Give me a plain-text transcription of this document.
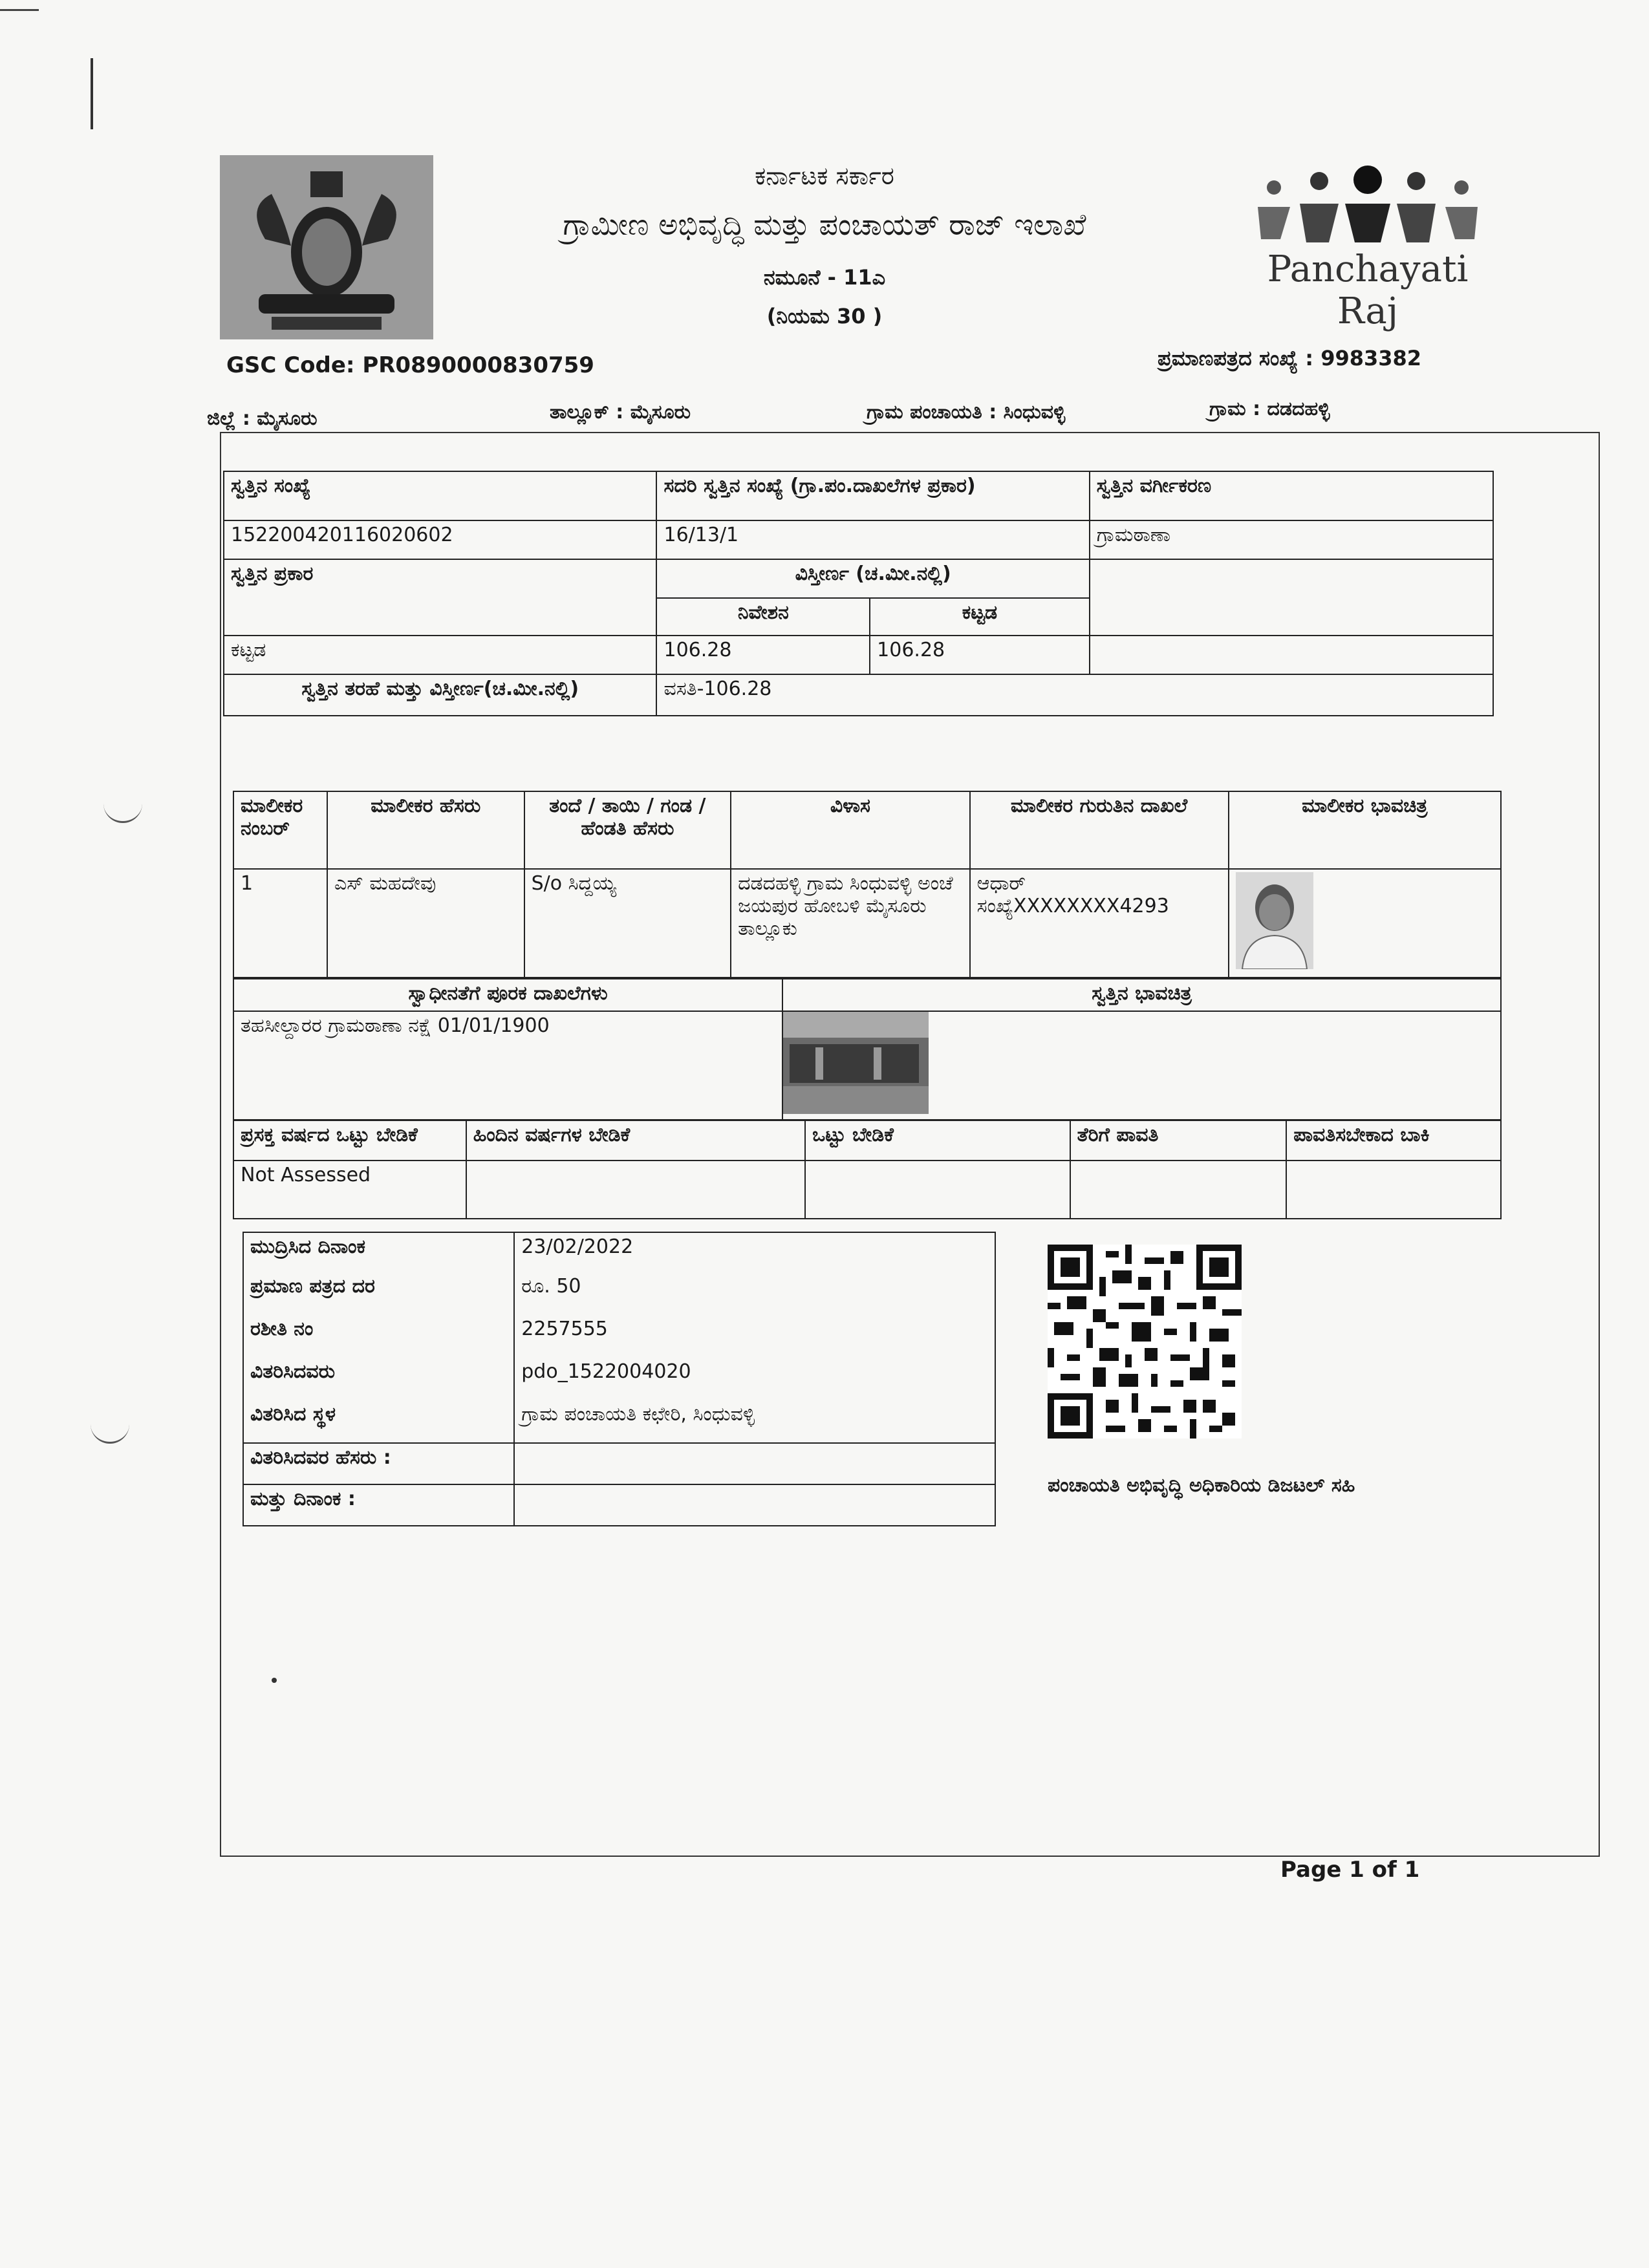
Panchayati Raj
ಕರ್ನಾಟಕ ಸರ್ಕಾರ
ಗ್ರಾಮೀಣ ಅಭಿವೃದ್ಧಿ ಮತ್ತು ಪಂಚಾಯತ್ ರಾಜ್ ಇಲಾಖೆ
ನಮೂನೆ - 11ಎ
(ನಿಯಮ 30 )
GSC Code: PR0890000830759	ಪ್ರಮಾಣಪತ್ರದ ಸಂಖ್ಯೆ : 9983382
ಜಿಲ್ಲೆ : ಮೈಸೂರು	ತಾಲ್ಲೂಕ್ : ಮೈಸೂರು	ಗ್ರಾಮ ಪಂಚಾಯತಿ : ಸಿಂಧುವಳ್ಳಿ	ಗ್ರಾಮ : ದಡದಹಳ್ಳಿ
ಸ್ವತ್ತಿನ ಸಂಖ್ಯೆ	ಸದರಿ ಸ್ವತ್ತಿನ ಸಂಖ್ಯೆ (ಗ್ರಾ.ಪಂ.ದಾಖಲೆಗಳ ಪ್ರಕಾರ)		ಸ್ವತ್ತಿನ ವರ್ಗೀಕರಣ
152200420116020602	16/13/1		ಗ್ರಾಮಠಾಣಾ
ಸ್ವತ್ತಿನ ಪ್ರಕಾರ	ವಿಸ್ತೀರ್ಣ (ಚ.ಮೀ.ನಲ್ಲಿ)		
	ನಿವೇಶನ	ಕಟ್ಟಡ	
ಕಟ್ಟಡ	106.28	106.28	
ಸ್ವತ್ತಿನ ತರಹೆ ಮತ್ತು ವಿಸ್ತೀರ್ಣ(ಚ.ಮೀ.ನಲ್ಲಿ)	ವಸತಿ-106.28		
ಮಾಲೀಕರ ನಂಬರ್	ಮಾಲೀಕರ ಹೆಸರು	ತಂದೆ / ತಾಯಿ / ಗಂಡ / ಹೆಂಡತಿ ಹೆಸರು	ವಿಳಾಸ	ಮಾಲೀಕರ ಗುರುತಿನ ದಾಖಲೆ	ಮಾಲೀಕರ ಭಾವಚಿತ್ರ
1	ಎಸ್ ಮಹದೇವು	S/o ಸಿದ್ದಯ್ಯ	ದಡದಹಳ್ಳಿ ಗ್ರಾಮ ಸಿಂಧುವಳ್ಳಿ ಅಂಚೆ ಜಯಪುರ ಹೋಬಳಿ ಮೈಸೂರು ತಾಲ್ಲೂಕು	ಆಧಾರ್ ಸಂಖ್ಯೆXXXXXXXX4293	
ಸ್ವಾಧೀನತೆಗೆ ಪೂರಕ ದಾಖಲೆಗಳು	ಸ್ವತ್ತಿನ ಭಾವಚಿತ್ರ
ತಹಸೀಲ್ದಾರರ ಗ್ರಾಮಠಾಣಾ ನಕ್ಷೆ 01/01/1900	
ಪ್ರಸಕ್ತ ವರ್ಷದ ಒಟ್ಟು ಬೇಡಿಕೆ	ಹಿಂದಿನ ವರ್ಷಗಳ ಬೇಡಿಕೆ	ಒಟ್ಟು ಬೇಡಿಕೆ	ತೆರಿಗೆ ಪಾವತಿ	ಪಾವತಿಸಬೇಕಾದ ಬಾಕಿ
Not Assessed				
ಮುದ್ರಿಸಿದ ದಿನಾಂಕ	23/02/2022
ಪ್ರಮಾಣ ಪತ್ರದ ದರ	ರೂ. 50
ರಶೀತಿ ನಂ	2257555
ವಿತರಿಸಿದವರು	pdo_1522004020
ವಿತರಿಸಿದ ಸ್ಥಳ	ಗ್ರಾಮ ಪಂಚಾಯತಿ ಕಛೇರಿ, ಸಿಂಧುವಳ್ಳಿ
ವಿತರಿಸಿದವರ ಹೆಸರು :	
ಮತ್ತು ದಿನಾಂಕ :	
ಪಂಚಾಯತಿ ಅಭಿವೃದ್ಧಿ ಅಧಿಕಾರಿಯ ಡಿಜಟಲ್ ಸಹಿ
Page 1 of 1
